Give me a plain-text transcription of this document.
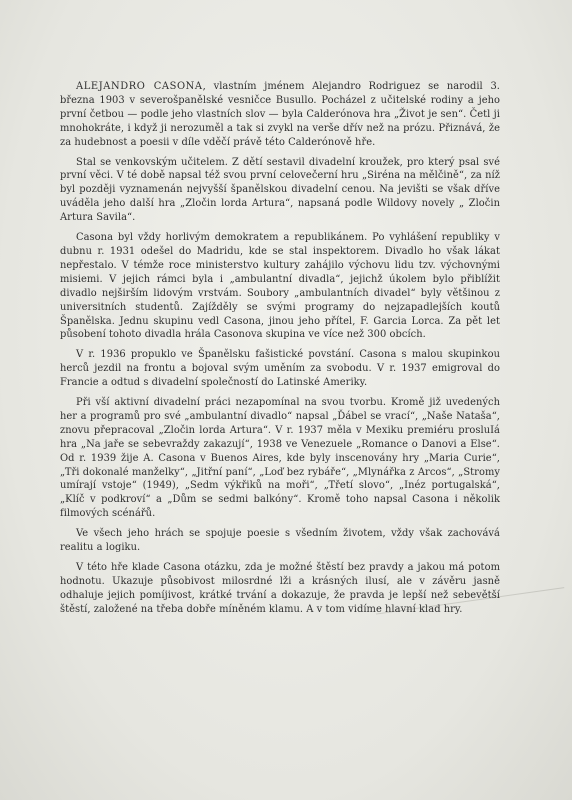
ALEJANDRO CASONA, vlastním jménem Alejandro Rodriguez se narodil 3. března 1903 v severošpanělské vesničce Busullo. Pocházel z učitelské rodiny a jeho první četbou — podle jeho vlastních slov — byla Calderónova hra „Život je sen“. Četl ji mnohokráte, i když ji nerozuměl a tak si zvykl na verše dřív než na prózu. Přiznává, že za hudebnost a poesii v díle vděčí právě této Calderónově hře.

Stal se venkovským učitelem. Z dětí sestavil divadelní kroužek, pro který psal své první věci. V té době napsal též svou první celovečerní hru „Siréna na mělčině“, za níž byl později vyznamenán nejvyšší španělskou divadelní cenou. Na jevišti se však dříve uváděla jeho další hra „Zločin lorda Artura“, napsaná podle Wildovy novely „ Zločin Artura Savila“.

Casona byl vždy horlivým demokratem a republikánem. Po vyhlášení republiky v dubnu r. 1931 odešel do Madridu, kde se stal inspektorem. Divadlo ho však lákat nepřestalo. V témže roce ministerstvo kultury zahájilo výchovu lidu tzv. výchovnými misiemi. V jejich rámci byla i „ambulantní divadla“, jejichž úkolem bylo přiblížit divadlo nejširším lidovým vrstvám. Soubory „ambulantních divadel“ byly většinou z universitních studentů. Zajížděly se svými programy do nejzapadlejších koutů Španělska. Jednu skupinu vedl Casona, jinou jeho přítel, F. Garcia Lorca. Za pět let působení tohoto divadla hrála Casonova skupina ve více než 300 obcích.

V r. 1936 propuklo ve Španělsku fašistické povstání. Casona s malou skupinkou herců jezdil na frontu a bojoval svým uměním za svobodu. V r. 1937 emigroval do Francie a odtud s divadelní společností do Latinské Ameriky.

Při vší aktivní divadelní práci nezapomínal na svou tvorbu. Kromě již uvedených her a programů pro své „ambulantní divadlo“ napsal „Ďábel se vrací“, „Naše Nataša“, znovu přepracoval „Zločin lorda Artura“. V r. 1937 měla v Mexiku premiéru prosluIá hra „Na jaře se sebevraždy zakazují“, 1938 ve Venezuele „Romance o Danovi a Else“. Od r. 1939 žije A. Casona v Buenos Aires, kde byly inscenovány hry „Maria Curie“, „Tři dokonalé manželky“, „Jitřní paní“, „Loď bez rybáře“, „Mlynářka z Arcos“, „Stromy umírají vstoje“ (1949), „Sedm výkřiků na moři“, „Třetí slovo“, „Inéz portugalská“, „Klíč v podkroví“ a „Dům se sedmi balkóny“. Kromě toho napsal Casona i několik filmových scénářů.

Ve všech jeho hrách se spojuje poesie s všedním životem, vždy však zachovává realitu a logiku.

V této hře klade Casona otázku, zda je možné štěstí bez pravdy a jakou má potom hodnotu. Ukazuje působivost milosrdné lži a krásných ilusí, ale v závěru jasně odhaluje jejich pomíjivost, krátké trvání a dokazuje, že pravda je lepší než sebevětší štěstí, založené na třeba dobře míněném klamu. A v tom vidíme hlavní klad hry.
